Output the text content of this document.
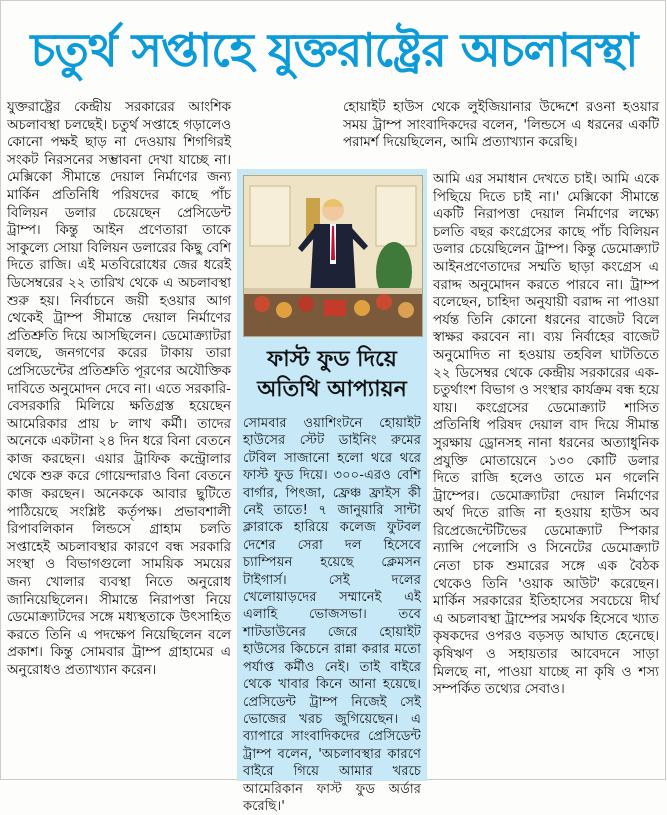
চতুর্থ সপ্তাহে যুক্তরাষ্ট্রের অচলাবস্থা

যুক্তরাষ্ট্রের কেন্দ্রীয় সরকারের আংশিক অচলাবস্থা চলছেই। চতুর্থ সপ্তাহে গড়ালেও কোনো পক্ষই ছাড় না দেওয়ায় শিগগিরই সংকট নিরসনের সম্ভাবনা দেখা যাচ্ছে না। মেক্সিকো সীমান্তে দেয়াল নির্মাণের জন্য মার্কিন প্রতিনিধি পরিষদের কাছে পাঁচ বিলিয়ন ডলার চেয়েছেন প্রেসিডেন্ট ট্রাম্প। কিন্তু আইন প্রণেতারা তাকে সাকুল্যে সোয়া বিলিয়ন ডলারের কিছু বেশি দিতে রাজি। এই মতবিরোধের জের ধরেই ডিসেম্বরের ২২ তারিখ থেকে এ অচলাবস্থা শুরু হয়। নির্বাচনে জয়ী হওয়ার আগ থেকেই ট্রাম্প সীমান্তে দেয়াল নির্মাণের প্রতিশ্রুতি দিয়ে আসছিলেন। ডেমোক্র্যাটরা বলছে, জনগণের করের টাকায় তারা প্রেসিডেন্টের প্রতিশ্রুতি পূরণের অযৌক্তিক দাবিতে অনুমোদন দেবে না। এতে সরকারি-বেসরকারি মিলিয়ে ক্ষতিগ্রস্ত হয়েছেন আমেরিকার প্রায় ৮ লাখ কর্মী। তাদের অনেকে একটানা ২৪ দিন ধরে বিনা বেতনে কাজ করছেন। এয়ার ট্রাফিক কন্ট্রোলার থেকে শুরু করে গোয়েন্দারাও বিনা বেতনে কাজ করছেন। অনেককে আবার ছুটিতে পাঠিয়েছে সংশ্লিষ্ট কর্তৃপক্ষ। প্রভাবশালী রিপাবলিকান লিন্ডসে গ্রাহাম চলতি সপ্তাহেই অচলাবস্থার কারণে বন্ধ সরকারি সংস্থা ও বিভাগগুলো সাময়িক সময়ের জন্য খোলার ব্যবস্থা নিতে অনুরোধ জানিয়েছিলেন। সীমান্তে নিরাপত্তা নিয়ে ডেমোক্র্যাটদের সঙ্গে মধ্যস্থতাকে উৎসাহিত করতে তিনি এ পদক্ষেপ নিয়েছিলেন বলে প্রকাশ। কিন্তু সোমবার ট্রাম্প গ্রাহামের এ অনুরোধও প্রত্যাখ্যান করেন।

হোয়াইট হাউস থেকে লুইজিয়ানার উদ্দেশে রওনা হওয়ার সময় ট্রাম্প সাংবাদিকদের বলেন, 'লিন্ডসে এ ধরনের একটি পরামর্শ দিয়েছিলেন, আমি প্রত্যাখ্যান করেছি।

ফাস্ট ফুড দিয়ে অতিথি আপ্যায়ন
সোমবার ওয়াশিংটনে হোয়াইট হাউসের স্টেট ডাইনিং রুমের টেবিল সাজানো হলো থরে থরে ফাস্ট ফুড দিয়ে। ৩০০-এরও বেশি বার্গার, পিৎজা, ফ্রেঞ্চ ফ্রাইস কী নেই তাতে! ৭ জানুয়ারি সান্টা ক্লারাকে হারিয়ে কলেজ ফুটবল দেশের সেরা দল হিসেবে চ্যাম্পিয়ন হয়েছে ক্লেমসন টাইগার্স। সেই দলের খেলোয়াড়দের সম্মানেই এই এলাহি ভোজসভা। তবে শাটডাউনের জেরে হোয়াইট হাউসের কিচেনে রান্না করার মতো পর্যাপ্ত কর্মীও নেই। তাই বাইরে থেকে খাবার কিনে আনা হয়েছে। প্রেসিডেন্ট ট্রাম্প নিজেই সেই ভোজের খরচ জুগিয়েছেন। এ ব্যাপারে সাংবাদিকদের প্রেসিডেন্ট ট্রাম্প বলেন, 'অচলাবস্থার কারণে বাইরে গিয়ে আমার খরচে আমেরিকান ফাস্ট ফুড অর্ডার করেছি।'

আমি এর সমাধান দেখতে চাই। আমি একে পিছিয়ে দিতে চাই না।' মেক্সিকো সীমান্তে একটি নিরাপত্তা দেয়াল নির্মাণের লক্ষ্যে চলতি বছর কংগ্রেসের কাছে পাঁচ বিলিয়ন ডলার চেয়েছিলেন ট্রাম্প। কিন্তু ডেমোক্র্যাট আইনপ্রণেতাদের সম্মতি ছাড়া কংগ্রেস এ বরাদ্দ অনুমোদন করতে পারবে না। ট্রাম্প বলেছেন, চাহিদা অনুযায়ী বরাদ্দ না পাওয়া পর্যন্ত তিনি কোনো ধরনের বাজেট বিলে স্বাক্ষর করবেন না। ব্যয় নির্বাহের বাজেট অনুমোদিত না হওয়ায় তহবিল ঘাটতিতে ২২ ডিসেম্বর থেকে কেন্দ্রীয় সরকারের এক-চতুর্থাংশ বিভাগ ও সংস্থার কার্যক্রম বন্ধ হয়ে যায়। কংগ্রেসের ডেমোক্র্যাট শাসিত প্রতিনিধি পরিষদ দেয়াল বাদ দিয়ে সীমান্ত সুরক্ষায় ড্রোনসহ নানা ধরনের অত্যাধুনিক প্রযুক্তি মোতায়েনে ১৩০ কোটি ডলার দিতে রাজি হলেও তাতে মন গলেনি ট্রাম্পের। ডেমোক্র্যাটরা দেয়াল নির্মাণের অর্থ দিতে রাজি না হওয়ায় হাউস অব রিপ্রেজেন্টেটিভের ডেমোক্র্যাট স্পিকার ন্যান্সি পেলোসি ও সিনেটের ডেমোক্র্যাট নেতা চাক শুমারের সঙ্গে এক বৈঠক থেকেও তিনি 'ওয়াক আউট' করেছেন। মার্কিন সরকারের ইতিহাসের সবচেয়ে দীর্ঘ এ অচলাবস্থা ট্রাম্পের সমর্থক হিসেবে খ্যাত কৃষকদের ওপরও বড়সড় আঘাত হেনেছে। কৃষিঋণ ও সহায়তার আবেদনে সাড়া মিলছে না, পাওয়া যাচ্ছে না কৃষি ও শস্য সম্পর্কিত তথ্যের সেবাও।
